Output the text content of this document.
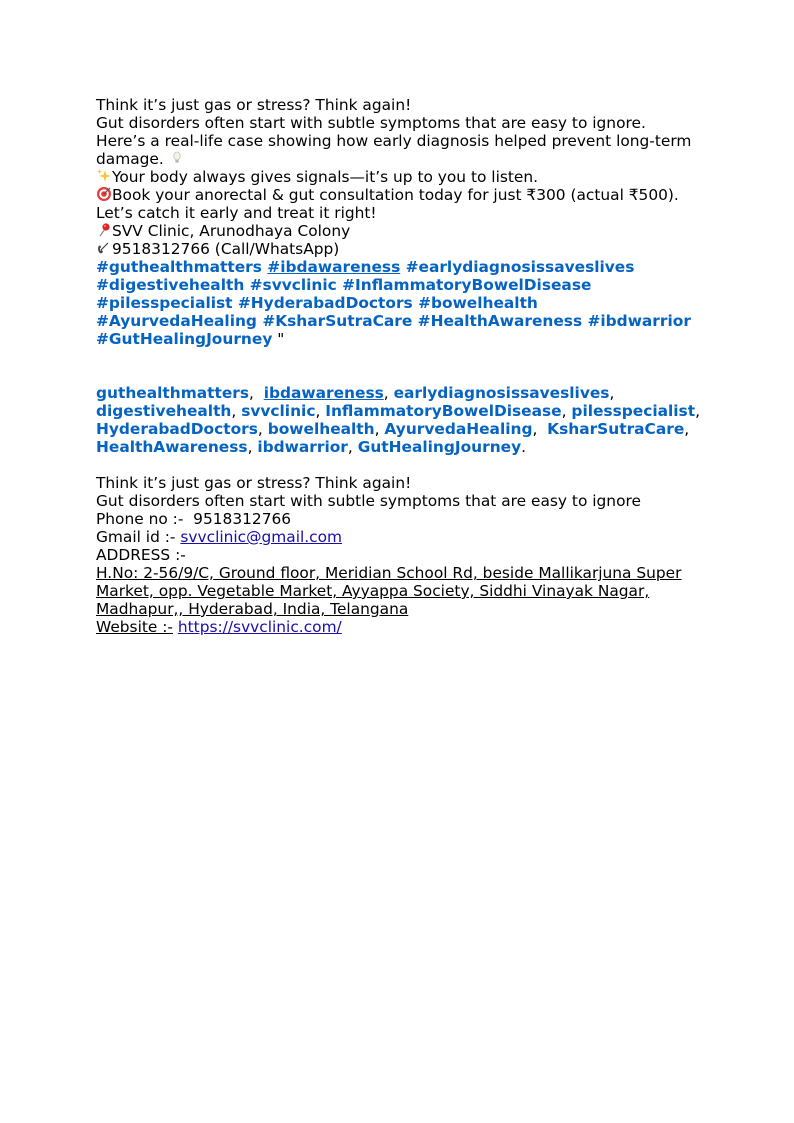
Think it’s just gas or stress? Think again!
Gut disorders often start with subtle symptoms that are easy to ignore.
Here’s a real-life case showing how early diagnosis helped prevent long-term
damage.
Your body always gives signals—it’s up to you to listen.
Book your anorectal & gut consultation today for just ₹300 (actual ₹500).
Let’s catch it early and treat it right!
SVV Clinic, Arunodhaya Colony
9518312766 (Call/WhatsApp)
#guthealthmatters #ibdawareness #earlydiagnosissaveslives
#digestivehealth #svvclinic #InflammatoryBowelDisease
#pilesspecialist #HyderabadDoctors #bowelhealth
#AyurvedaHealing #KsharSutraCare #HealthAwareness #ibdwarrior
#GutHealingJourney "
guthealthmatters,  ibdawareness, earlydiagnosissaveslives,
digestivehealth, svvclinic, InflammatoryBowelDisease, pilesspecialist,
HyderabadDoctors, bowelhealth, AyurvedaHealing,  KsharSutraCare,
HealthAwareness, ibdwarrior, GutHealingJourney.
Think it’s just gas or stress? Think again!
Gut disorders often start with subtle symptoms that are easy to ignore
Phone no :- 9518312766
Gmail id :- svvclinic@gmail.com
ADDRESS :-
H.No: 2-56/9/C, Ground floor, Meridian School Rd, beside Mallikarjuna Super
Market, opp. Vegetable Market, Ayyappa Society, Siddhi Vinayak Nagar,
Madhapur,, Hyderabad, India, Telangana
Website :- https://svvclinic.com/
